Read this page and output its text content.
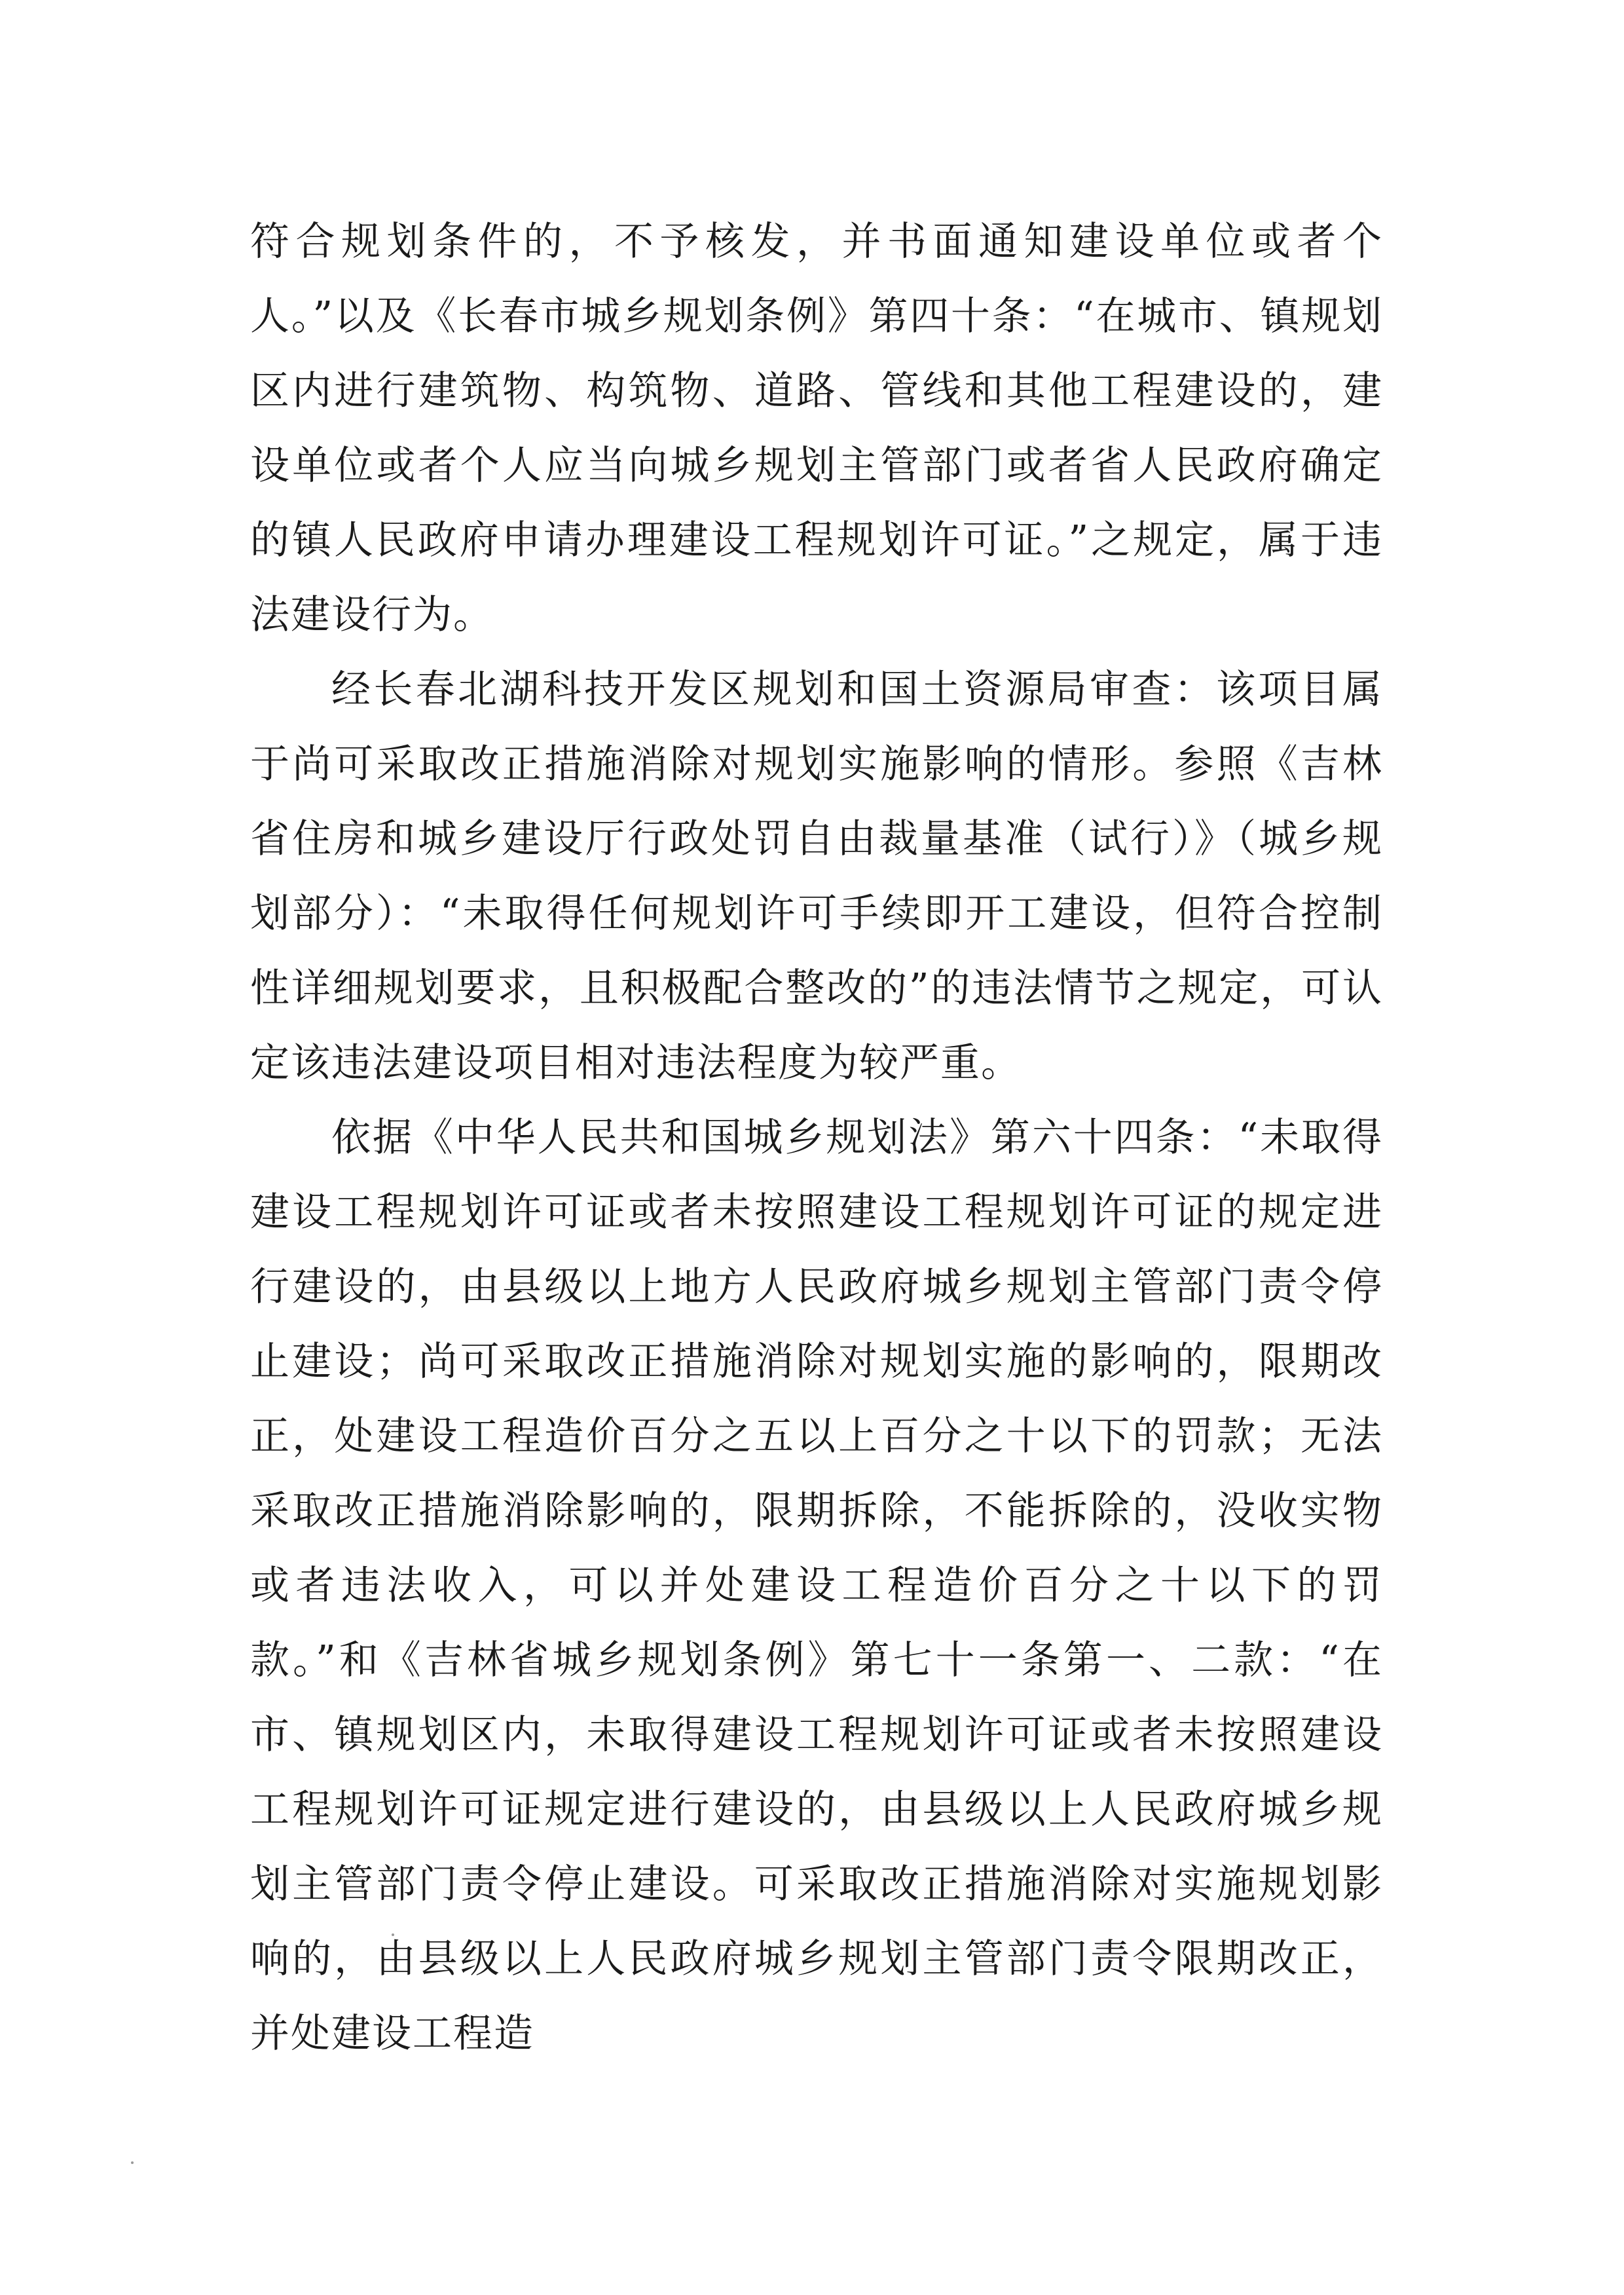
符合规划条件的，不予核发，并书面通知建设单位或者个人。”以及《长春市城乡规划条例》第四十条：“在城市、镇规划区内进行建筑物、构筑物、道路、管线和其他工程建设的，建设单位或者个人应当向城乡规划主管部门或者省人民政府确定的镇人民政府申请办理建设工程规划许可证。”之规定，属于违法建设行为。

经长春北湖科技开发区规划和国土资源局审查：该项目属于尚可采取改正措施消除对规划实施影响的情形。参照《吉林省住房和城乡建设厅行政处罚自由裁量基准（试行）》（城乡规划部分）：“未取得任何规划许可手续即开工建设，但符合控制性详细规划要求，且积极配合整改的”的违法情节之规定，可认定该违法建设项目相对违法程度为较严重。

依据《中华人民共和国城乡规划法》第六十四条：“未取得建设工程规划许可证或者未按照建设工程规划许可证的规定进行建设的，由县级以上地方人民政府城乡规划主管部门责令停止建设；尚可采取改正措施消除对规划实施的影响的，限期改正，处建设工程造价百分之五以上百分之十以下的罚款；无法采取改正措施消除影响的，限期拆除，不能拆除的，没收实物或者违法收入，可以并处建设工程造价百分之十以下的罚款。”和《吉林省城乡规划条例》第七十一条第一、二款：“在市、镇规划区内，未取得建设工程规划许可证或者未按照建设工程规划许可证规定进行建设的，由县级以上人民政府城乡规划主管部门责令停止建设。可采取改正措施消除对实施规划影响的，由县级以上人民政府城乡规划主管部门责令限期改正，并处建设工程造
